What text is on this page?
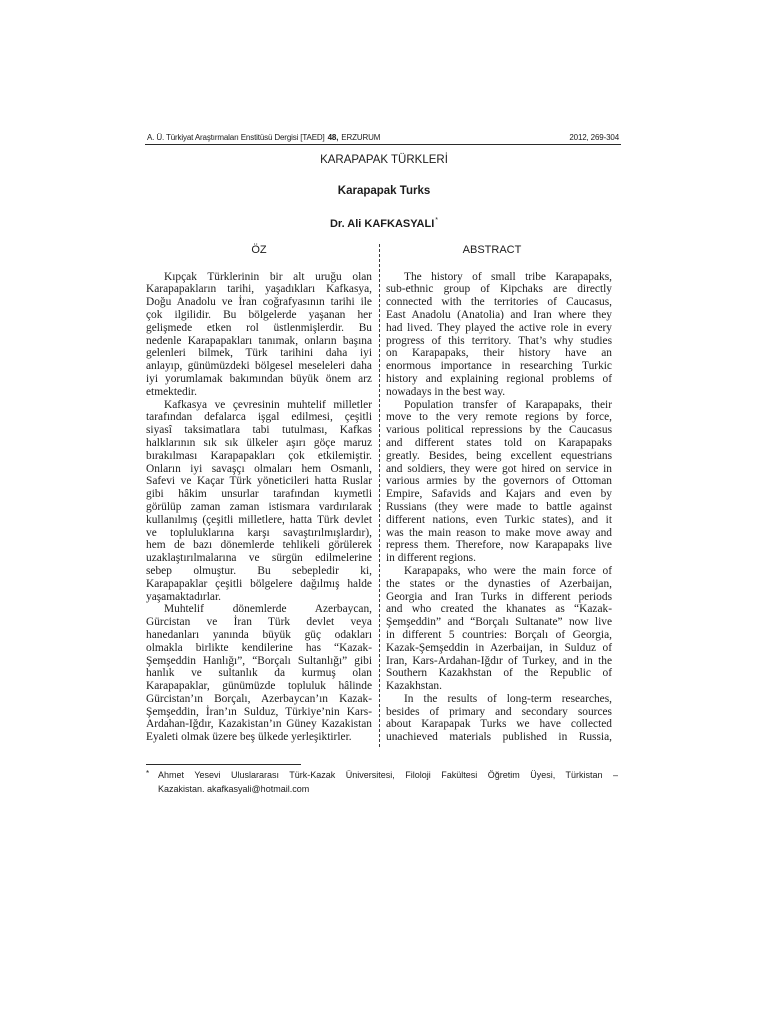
A. Ü. Türkiyat Araştırmaları Enstitüsü Dergisi [TAED] 48, ERZURUM	2012, 269-304
KARAPAPAK TÜRKLERİ
Karapapak Turks
Dr. Ali KAFKASYALI*
ÖZ	ABSTRACT
Kıpçak Türklerinin bir alt uruğu olan
Karapapakların tarihi, yaşadıkları Kafkasya,
Doğu Anadolu ve İran coğrafyasının tarihi ile
çok ilgilidir. Bu bölgelerde yaşanan her
gelişmede etken rol üstlenmişlerdir. Bu
nedenle Karapapakları tanımak, onların başına
gelenleri bilmek, Türk tarihini daha iyi
anlayıp, günümüzdeki bölgesel meseleleri daha
iyi yorumlamak bakımından büyük önem arz
etmektedir.
Kafkasya ve çevresinin muhtelif milletler
tarafından defalarca işgal edilmesi, çeşitli
siyasî taksimatlara tabi tutulması, Kafkas
halklarının sık sık ülkeler aşırı göçe maruz
bırakılması Karapapakları çok etkilemiştir.
Onların iyi savaşçı olmaları hem Osmanlı,
Safevi ve Kaçar Türk yöneticileri hatta Ruslar
gibi hâkim unsurlar tarafından kıymetli
görülüp zaman zaman istismara vardırılarak
kullanılmış (çeşitli milletlere, hatta Türk devlet
ve topluluklarına karşı savaştırılmışlardır),
hem de bazı dönemlerde tehlikeli görülerek
uzaklaştırılmalarına ve sürgün edilmelerine
sebep olmuştur. Bu sebepledir ki,
Karapapaklar çeşitli bölgelere dağılmış halde
yaşamaktadırlar.
Muhtelif dönemlerde Azerbaycan,
Gürcistan ve İran Türk devlet veya
hanedanları yanında büyük güç odakları
olmakla birlikte kendilerine has “Kazak-
Şemşeddin Hanlığı”, “Borçalı Sultanlığı” gibi
hanlık ve sultanlık da kurmuş olan
Karapapaklar, günümüzde topluluk hâlinde
Gürcistan’ın Borçalı, Azerbaycan’ın Kazak-
Şemşeddin, İran’ın Sulduz, Türkiye’nin Kars-
Ardahan-Iğdır, Kazakistan’ın Güney Kazakistan
Eyaleti olmak üzere beş ülkede yerleşiktirler.
The history of small tribe Karapapaks,
sub-ethnic group of Kipchaks are directly
connected with the territories of Caucasus,
East Anadolu (Anatolia) and Iran where they
had lived. They played the active role in every
progress of this territory. That’s why studies
on Karapapaks, their history have an
enormous importance in researching Turkic
history and explaining regional problems of
nowadays in the best way.
Population transfer of Karapapaks, their
move to the very remote regions by force,
various political repressions by the Caucasus
and different states told on Karapapaks
greatly. Besides, being excellent equestrians
and soldiers, they were got hired on service in
various armies by the governors of Ottoman
Empire, Safavids and Kajars and even by
Russians (they were made to battle against
different nations, even Turkic states), and it
was the main reason to make move away and
repress them. Therefore, now Karapapaks live
in different regions.
Karapapaks, who were the main force of
the states or the dynasties of Azerbaijan,
Georgia and Iran Turks in different periods
and who created the khanates as “Kazak-
Şemşeddin” and “Borçalı Sultanate” now live
in different 5 countries: Borçalı of Georgia,
Kazak-Şemşeddin in Azerbaijan, in Sulduz of
Iran, Kars-Ardahan-Iğdır of Turkey, and in the
Southern Kazakhstan of the Republic of
Kazakhstan.
In the results of long-term researches,
besides of primary and secondary sources
about Karapapak Turks we have collected
unachieved materials published in Russia,
* Ahmet Yesevi Uluslararası Türk-Kazak Üniversitesi, Filoloji Fakültesi Öğretim Üyesi, Türkistan –
Kazakistan. akafkasyali@hotmail.com
